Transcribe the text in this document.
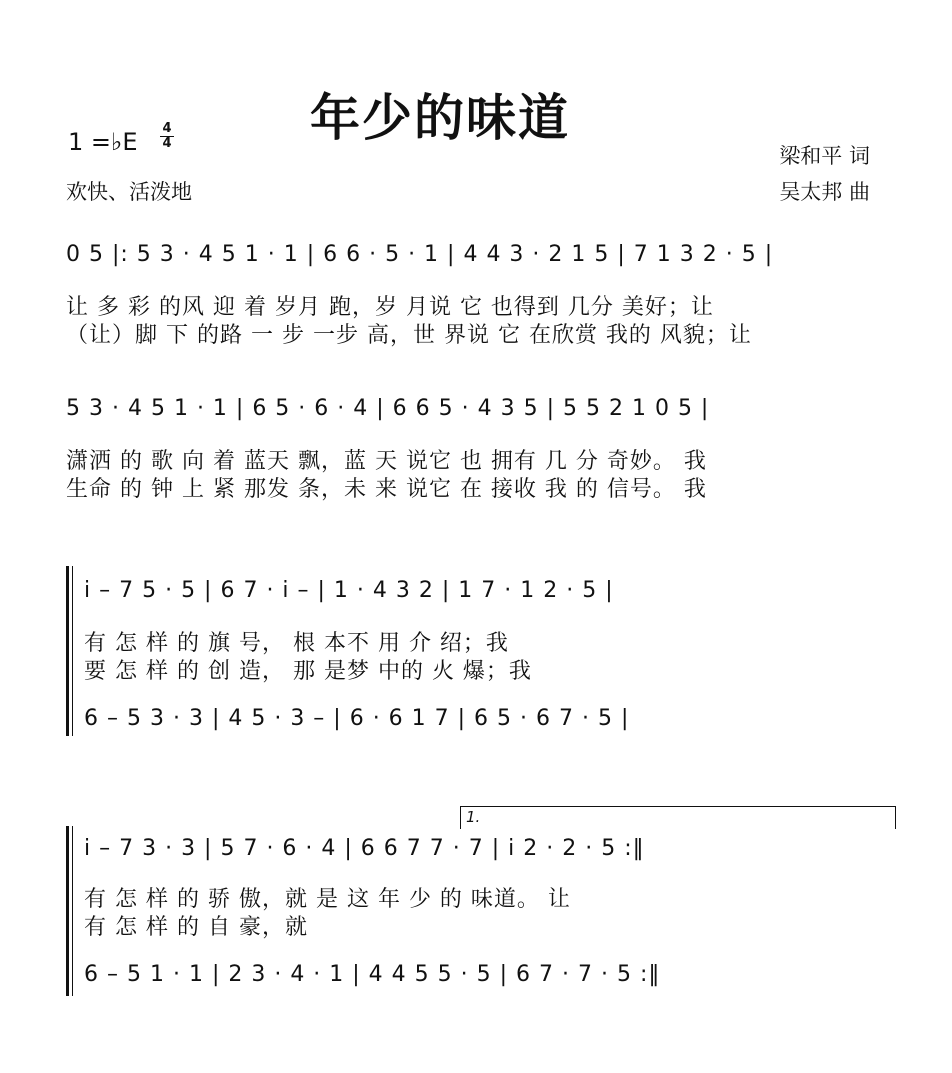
年少的味道
1 =♭E 4
4
欢快、活泼地
梁和平 词
吴太邦 曲
0 5 |: 5 3 · 4 5 1 · 1 | 6 6 · 5 · 1 | 4 4 3 · 2 1 5 | 7 1 3 2 · 5 |
让 多 彩 的风 迎 着 岁月 跑，岁 月说 它 也得到 几分 美好；让
（让）脚 下 的路 一 步 一步 高，世 界说 它 在欣赏 我的 风貌；让
5 3 · 4 5 1 · 1 | 6 5 · 6 · 4 | 6 6 5 · 4 3 5 | 5 5 2 1 0 5 |
潇洒 的 歌 向 着 蓝天 飘，蓝 天 说它 也 拥有 几 分 奇妙。 我
生命 的 钟 上 紧 那发 条，未 来 说它 在 接收 我 的 信号。 我
i – 7 5 · 5 | 6 7 · i – | 1 · 4 3 2 | 1 7 · 1 2 · 5 |
有 怎 样 的 旗 号， 根 本不 用 介 绍；我
要 怎 样 的 创 造， 那 是梦 中的 火 爆；我
6 – 5 3 · 3 | 4 5 · 3 – | 6 · 6 1 7 | 6 5 · 6 7 · 5 |
1.
i – 7 3 · 3 | 5 7 · 6 · 4 | 6 6 7 7 · 7 | i 2 · 2 · 5 :‖
有 怎 样 的 骄 傲，就 是 这 年 少 的 味道。 让
有 怎 样 的 自 豪，就
6 – 5 1 · 1 | 2 3 · 4 · 1 | 4 4 5 5 · 5 | 6 7 · 7 · 5 :‖
